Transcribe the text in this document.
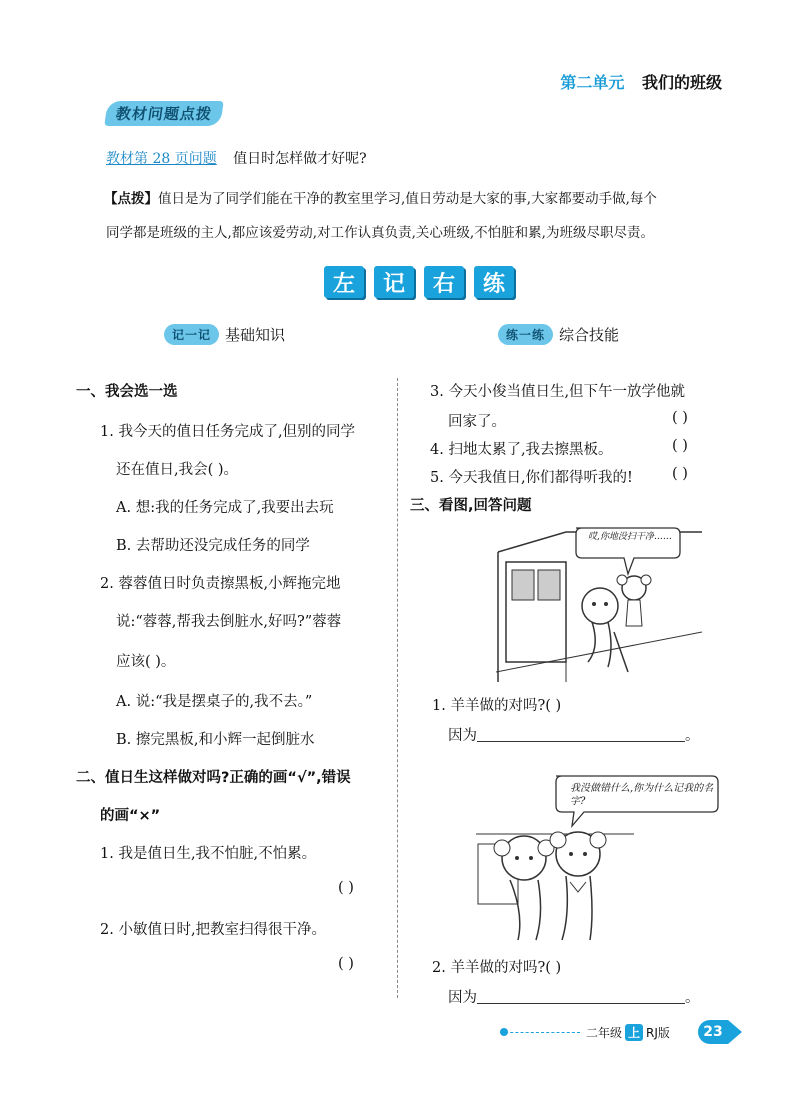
第二单元 我们的班级
教材问题点拨
教材第 28 页问题 值日时怎样做才好呢?
【点拨】值日是为了同学们能在干净的教室里学习,值日劳动是大家的事,大家都要动手做,每个
同学都是班级的主人,都应该爱劳动,对工作认真负责,关心班级,不怕脏和累,为班级尽职尽责。
左	记	右	练
记一记 基础知识	练一练 综合技能
一、我会选一选
1. 我今天的值日任务完成了,但别的同学
还在值日,我会( )。
A. 想:我的任务完成了,我要出去玩
B. 去帮助还没完成任务的同学
2. 蓉蓉值日时负责擦黑板,小辉拖完地
说:“蓉蓉,帮我去倒脏水,好吗?”蓉蓉
应该( )。
A. 说:“我是摆桌子的,我不去。”
B. 擦完黑板,和小辉一起倒脏水
二、值日生这样做对吗?正确的画“√”,错误
的画“×”
1. 我是值日生,我不怕脏,不怕累。
( )
2. 小敏值日时,把教室扫得很干净。
( )
3. 今天小俊当值日生,但下午一放学他就
回家了。	( )
4. 扫地太累了,我去擦黑板。	( )
5. 今天我值日,你们都得听我的!	( )
三、看图,回答问题
哎,你地没扫干净……
1. 羊羊做的对吗?( )
因为	。
我没做错什么,你为什么记我的名字?
2. 羊羊做的对吗?( )
因为	。
二年级 上 RJ版	23
